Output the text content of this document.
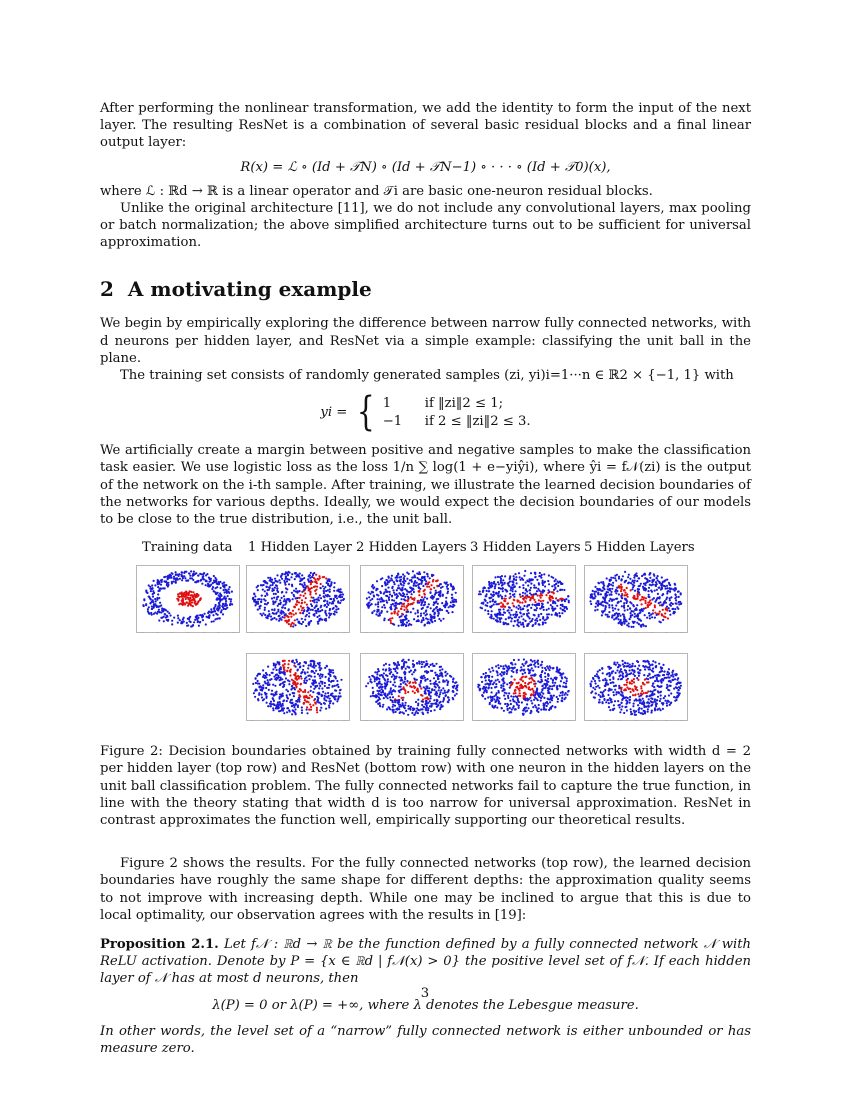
After performing the nonlinear transformation, we add the identity to form the input of the next layer. The resulting ResNet is a combination of several basic residual blocks and a final linear output layer:

R(x) = ℒ ∘ (Id + 𝒯N) ∘ (Id + 𝒯N−1) ∘ · · · ∘ (Id + 𝒯0)(x),

where ℒ : ℝd → ℝ is a linear operator and 𝒯i are basic one-neuron residual blocks.

Unlike the original architecture [11], we do not include any convolutional layers, max pooling or batch normalization; the above simplified architecture turns out to be sufficient for universal approximation.

2 A motivating example

We begin by empirically exploring the difference between narrow fully connected networks, with d neurons per hidden layer, and ResNet via a simple example: classifying the unit ball in the plane.

The training set consists of randomly generated samples (zi, yi)i=1···n ∈ ℝ2 × {−1, 1} with

yi = { 1	if ‖zi‖2 ≤ 1;
−1 if 2 ≤ ‖zi‖2 ≤ 3.

We artificially create a margin between positive and negative samples to make the classification task easier. We use logistic loss as the loss 1/n ∑ log(1 + e−yiŷi), where ŷi = f𝒩(zi) is the output of the network on the i-th sample. After training, we illustrate the learned decision boundaries of the networks for various depths. Ideally, we would expect the decision boundaries of our models to be close to the true distribution, i.e., the unit ball.

Training data	1 Hidden Layer 2 Hidden Layers 3 Hidden Layers 5 Hidden Layers

Figure 2: Decision boundaries obtained by training fully connected networks with width d = 2 per hidden layer (top row) and ResNet (bottom row) with one neuron in the hidden layers on the unit ball classification problem. The fully connected networks fail to capture the true function, in line with the theory stating that width d is too narrow for universal approximation. ResNet in contrast approximates the function well, empirically supporting our theoretical results.

Figure 2 shows the results. For the fully connected networks (top row), the learned decision boundaries have roughly the same shape for different depths: the approximation quality seems to not improve with increasing depth. While one may be inclined to argue that this is due to local optimality, our observation agrees with the results in [19]:

Proposition 2.1. Let f𝒩 : ℝd → ℝ be the function defined by a fully connected network 𝒩 with ReLU activation. Denote by P = {x ∈ ℝd | f𝒩(x) > 0} the positive level set of f𝒩. If each hidden layer of 𝒩 has at most d neurons, then

λ(P) = 0 or λ(P) = +∞, where λ denotes the Lebesgue measure.

In other words, the level set of a “narrow” fully connected network is either unbounded or has measure zero.

3
